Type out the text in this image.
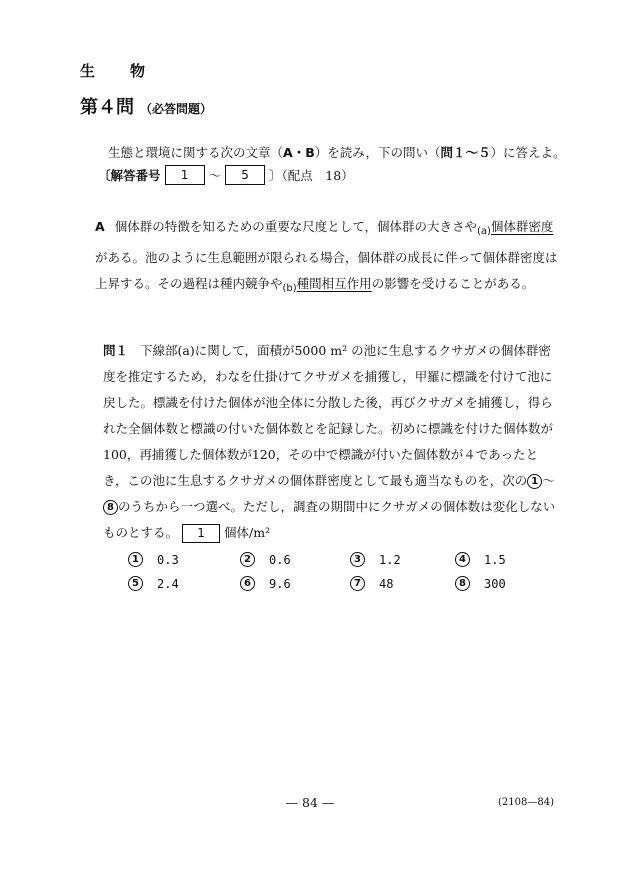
生　物
第４問 （必答問題）
生態と環境に関する次の文章（A・B）を読み，下の問い（問１～５）に答えよ。
〔解答番号	1	～	5	〕（配点　18）
A 個体群の特徴を知るための重要な尺度として，個体群の大きさや$_{(a)}$個体群密度がある。池のように生息範囲が限られる場合，個体群の成長に伴って個体群密度は上昇する。その過程は種内競争や$_{(b)}$種間相互作用の影響を受けることがある。
問１ 下線部(a)に関して，面積が5000 m² の池に生息するクサガメの個体群密度を推定するため，わなを仕掛けてクサガメを捕獲し，甲羅に標識を付けて池に戻した。標識を付けた個体が池全体に分散した後，再びクサガメを捕獲し，得られた全個体数と標識の付いた個体数とを記録した。初めに標識を付けた個体数が100，再捕獲した個体数が120，その中で標識が付いた個体数が４であったとき，この池に生息するクサガメの個体群密度として最も適当なものを，次の 1 ～8 のうちから一つ選べ。ただし，調査の期間中にクサガメの個体数は変化しないものとする。 1 個体/m²
1	0.3	2	0.6	3	1.2	4	1.5
5	2.4	6	9.6	7	48	8	300
— 84 —	(2108—84)
